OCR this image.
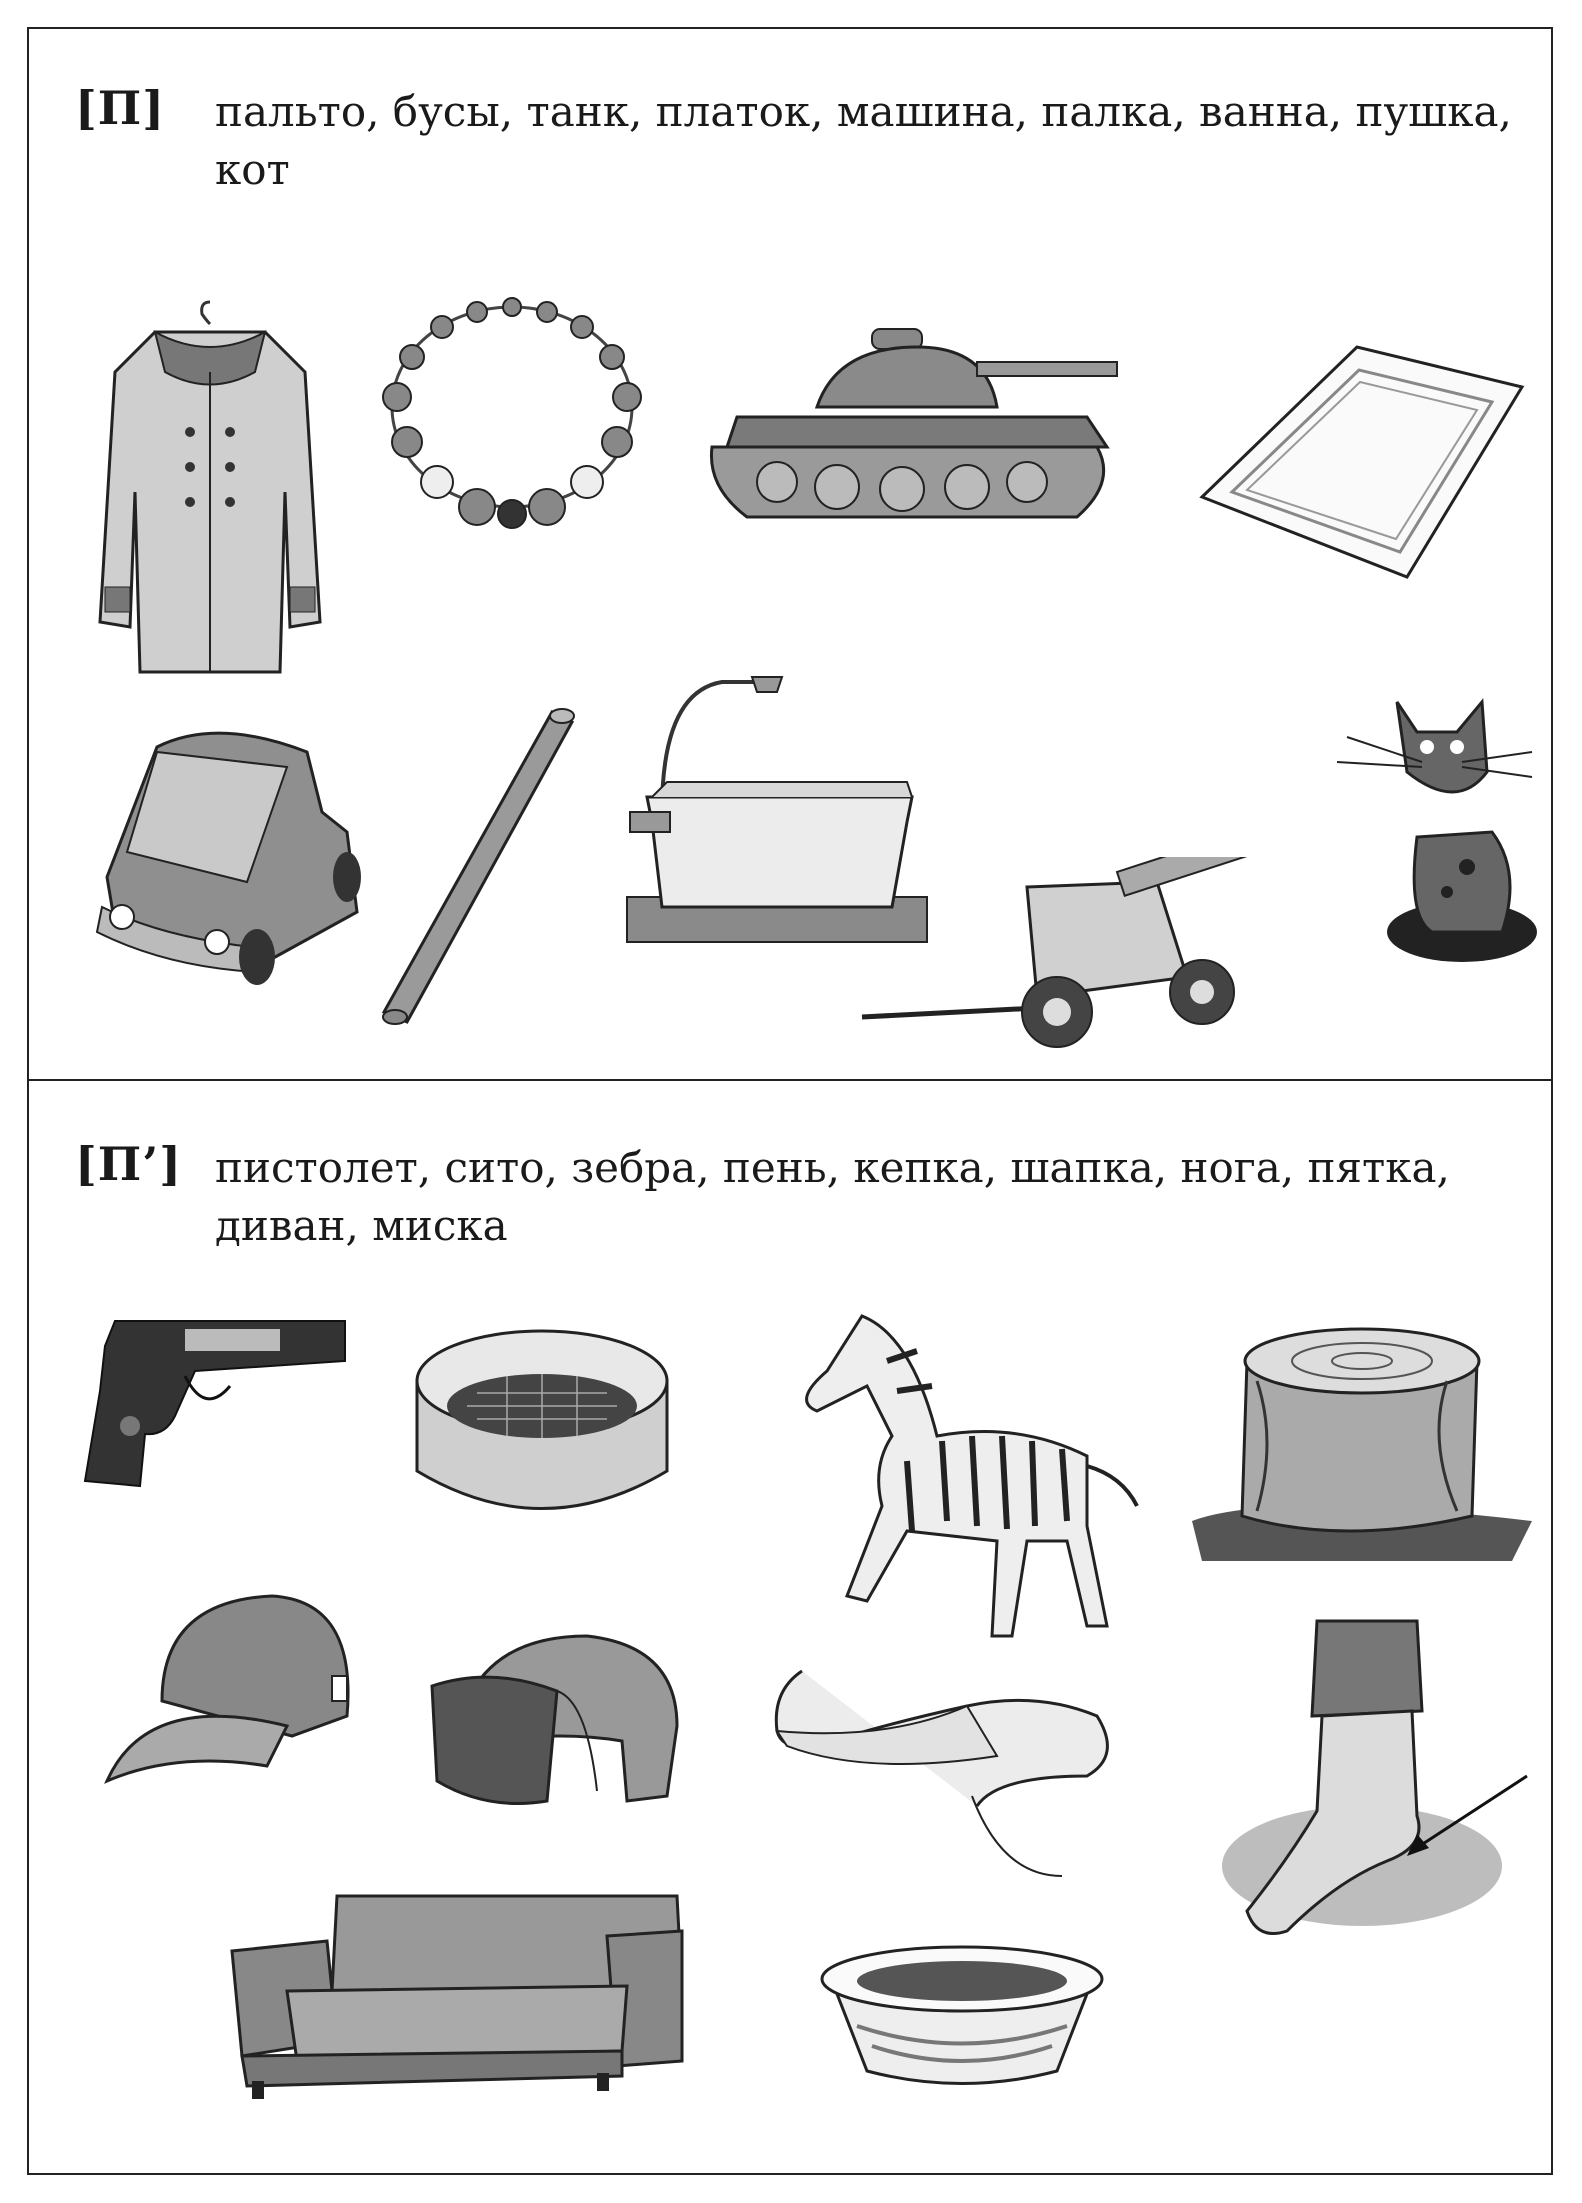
[П] пальто, бусы, танк, платок, машина, палка, ванна, пушка, кот
[П’] пистолет, сито, зебра, пень, кепка, шапка, нога, пятка, диван, миска
